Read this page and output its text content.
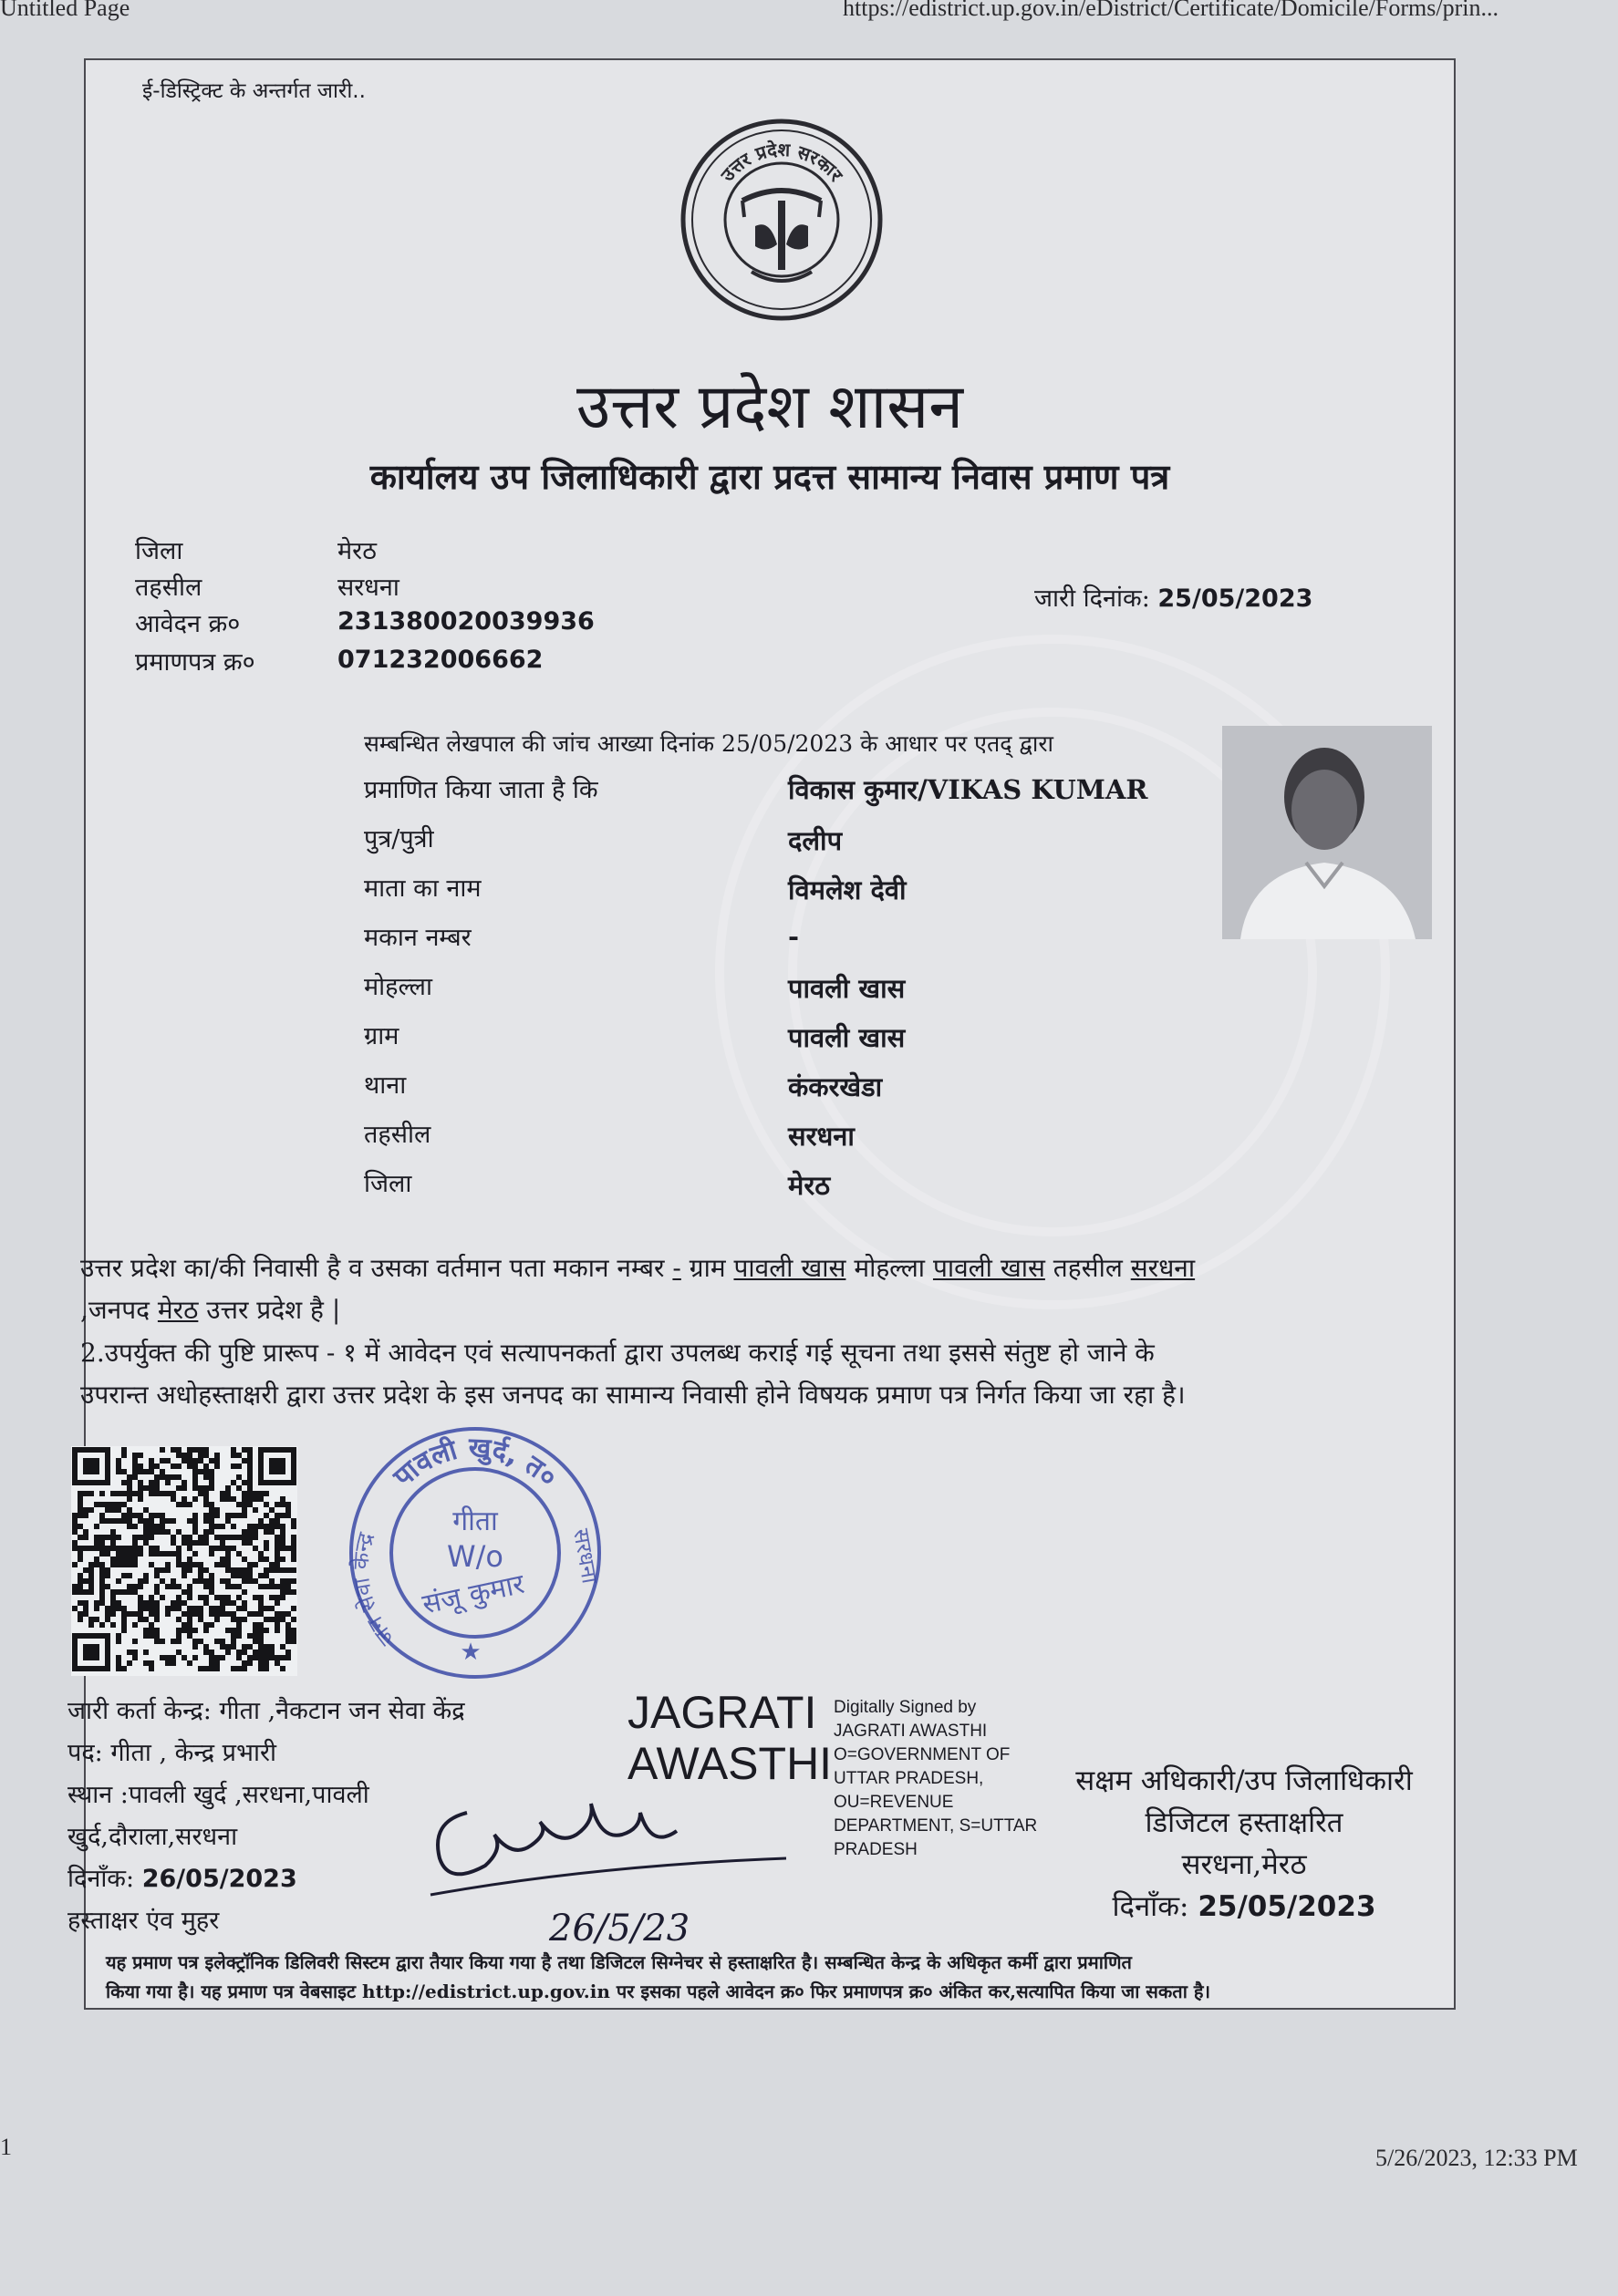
Untitled Page	https://edistrict.up.gov.in/eDistrict/Certificate/Domicile/Forms/prin...
1	5/26/2023, 12:33 PM
ई-डिस्ट्रिक्ट के अन्तर्गत जारी..
उत्तर प्रदेश सरकार
उत्तर प्रदेश शासन
कार्यालय उप जिलाधिकारी द्वारा प्रदत्त सामान्य निवास प्रमाण पत्र
जिला	मेरठ
तहसील	सरधना
आवेदन क्र०	231380020039936
प्रमाणपत्र क्र०	071232006662
जारी दिनांक: 25/05/2023
सम्बन्धित लेखपाल की जांच आख्या दिनांक 25/05/2023 के आधार पर एतद् द्वारा
प्रमाणित किया जाता है कि	विकास कुमार/VIKAS KUMAR
पुत्र/पुत्री	दलीप
माता का नाम	विमलेश देवी
मकान नम्बर	-
मोहल्ला	पावली खास
ग्राम	पावली खास
थाना	कंकरखेडा
तहसील	सरधना
जिला	मेरठ
उत्तर प्रदेश का/की निवासी है व उसका वर्तमान पता मकान नम्बर - ग्राम पावली खास मोहल्ला पावली खास तहसील सरधना
,जनपद मेरठ उत्तर प्रदेश है |
2.उपर्युक्त की पुष्टि प्रारूप - १ में आवेदन एवं सत्यापनकर्ता द्वारा उपलब्ध कराई गई सूचना तथा इससे संतुष्ट हो जाने के
उपरान्त अधोहस्ताक्षरी द्वारा उत्तर प्रदेश के इस जनपद का सामान्य निवासी होने विषयक प्रमाण पत्र निर्गत किया जा रहा है।
पावली खुर्द, त०
जन सेवा केन्द्र	सरधना
गीता
W/o
संजू कुमार
★
जारी कर्ता केन्द्र: गीता ,नैकटान जन सेवा केंद्र
पद: गीता , केन्द्र प्रभारी
स्थान :पावली खुर्द ,सरधना,पावली
खुर्द,दौराला,सरधना
दिनाँक: 26/05/2023
हस्ताक्षर एंव मुहर	26/5/23
JAGRATI
AWASTHI
Digitally Signed by
JAGRATI AWASTHI
O=GOVERNMENT OF
UTTAR PRADESH,
OU=REVENUE
DEPARTMENT, S=UTTAR
PRADESH
सक्षम अधिकारी/उप जिलाधिकारी
डिजिटल हस्ताक्षरित
सरधना,मेरठ
दिनाँक: 25/05/2023
यह प्रमाण पत्र इलेक्ट्रॉनिक डिलिवरी सिस्टम द्वारा तैयार किया गया है तथा डिजिटल सिग्नेचर से हस्ताक्षरित है। सम्बन्धित केन्द्र के अधिकृत कर्मी द्वारा प्रमाणित
किया गया है। यह प्रमाण पत्र वेबसाइट http://edistrict.up.gov.in पर इसका पहले आवेदन क्र० फिर प्रमाणपत्र क्र० अंकित कर,सत्यापित किया जा सकता है।
